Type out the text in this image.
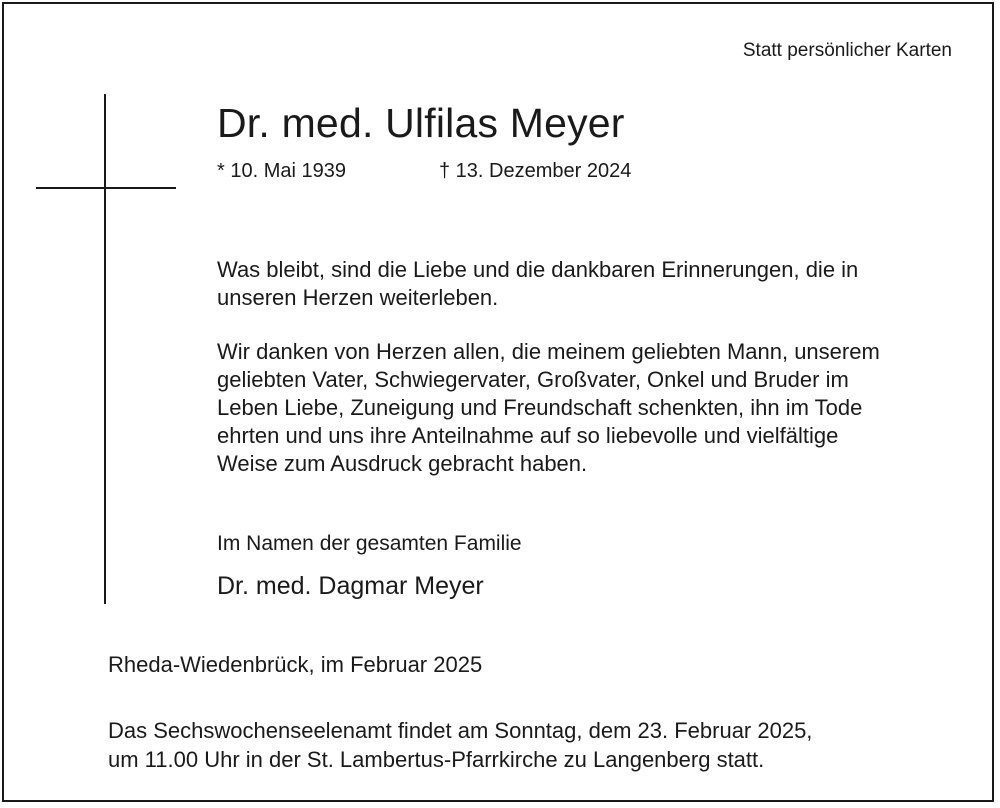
Statt persönlicher Karten
Dr. med. Ulfilas Meyer
* 10. Mai 1939	† 13. Dezember 2024

Was bleibt, sind die Liebe und die dankbaren Erinnerungen, die in
unseren Herzen weiterleben.

Wir danken von Herzen allen, die meinem geliebten Mann, unserem
geliebten Vater, Schwiegervater, Großvater, Onkel und Bruder im
Leben Liebe, Zuneigung und Freundschaft schenkten, ihn im Tode
ehrten und uns ihre Anteilnahme auf so liebevolle und vielfältige
Weise zum Ausdruck gebracht haben.

Im Namen der gesamten Familie
Dr. med. Dagmar Meyer
Rheda-Wiedenbrück, im Februar 2025

Das Sechswochenseelenamt findet am Sonntag, dem 23. Februar 2025,
um 11.00 Uhr in der St. Lambertus-Pfarrkirche zu Langenberg statt.
